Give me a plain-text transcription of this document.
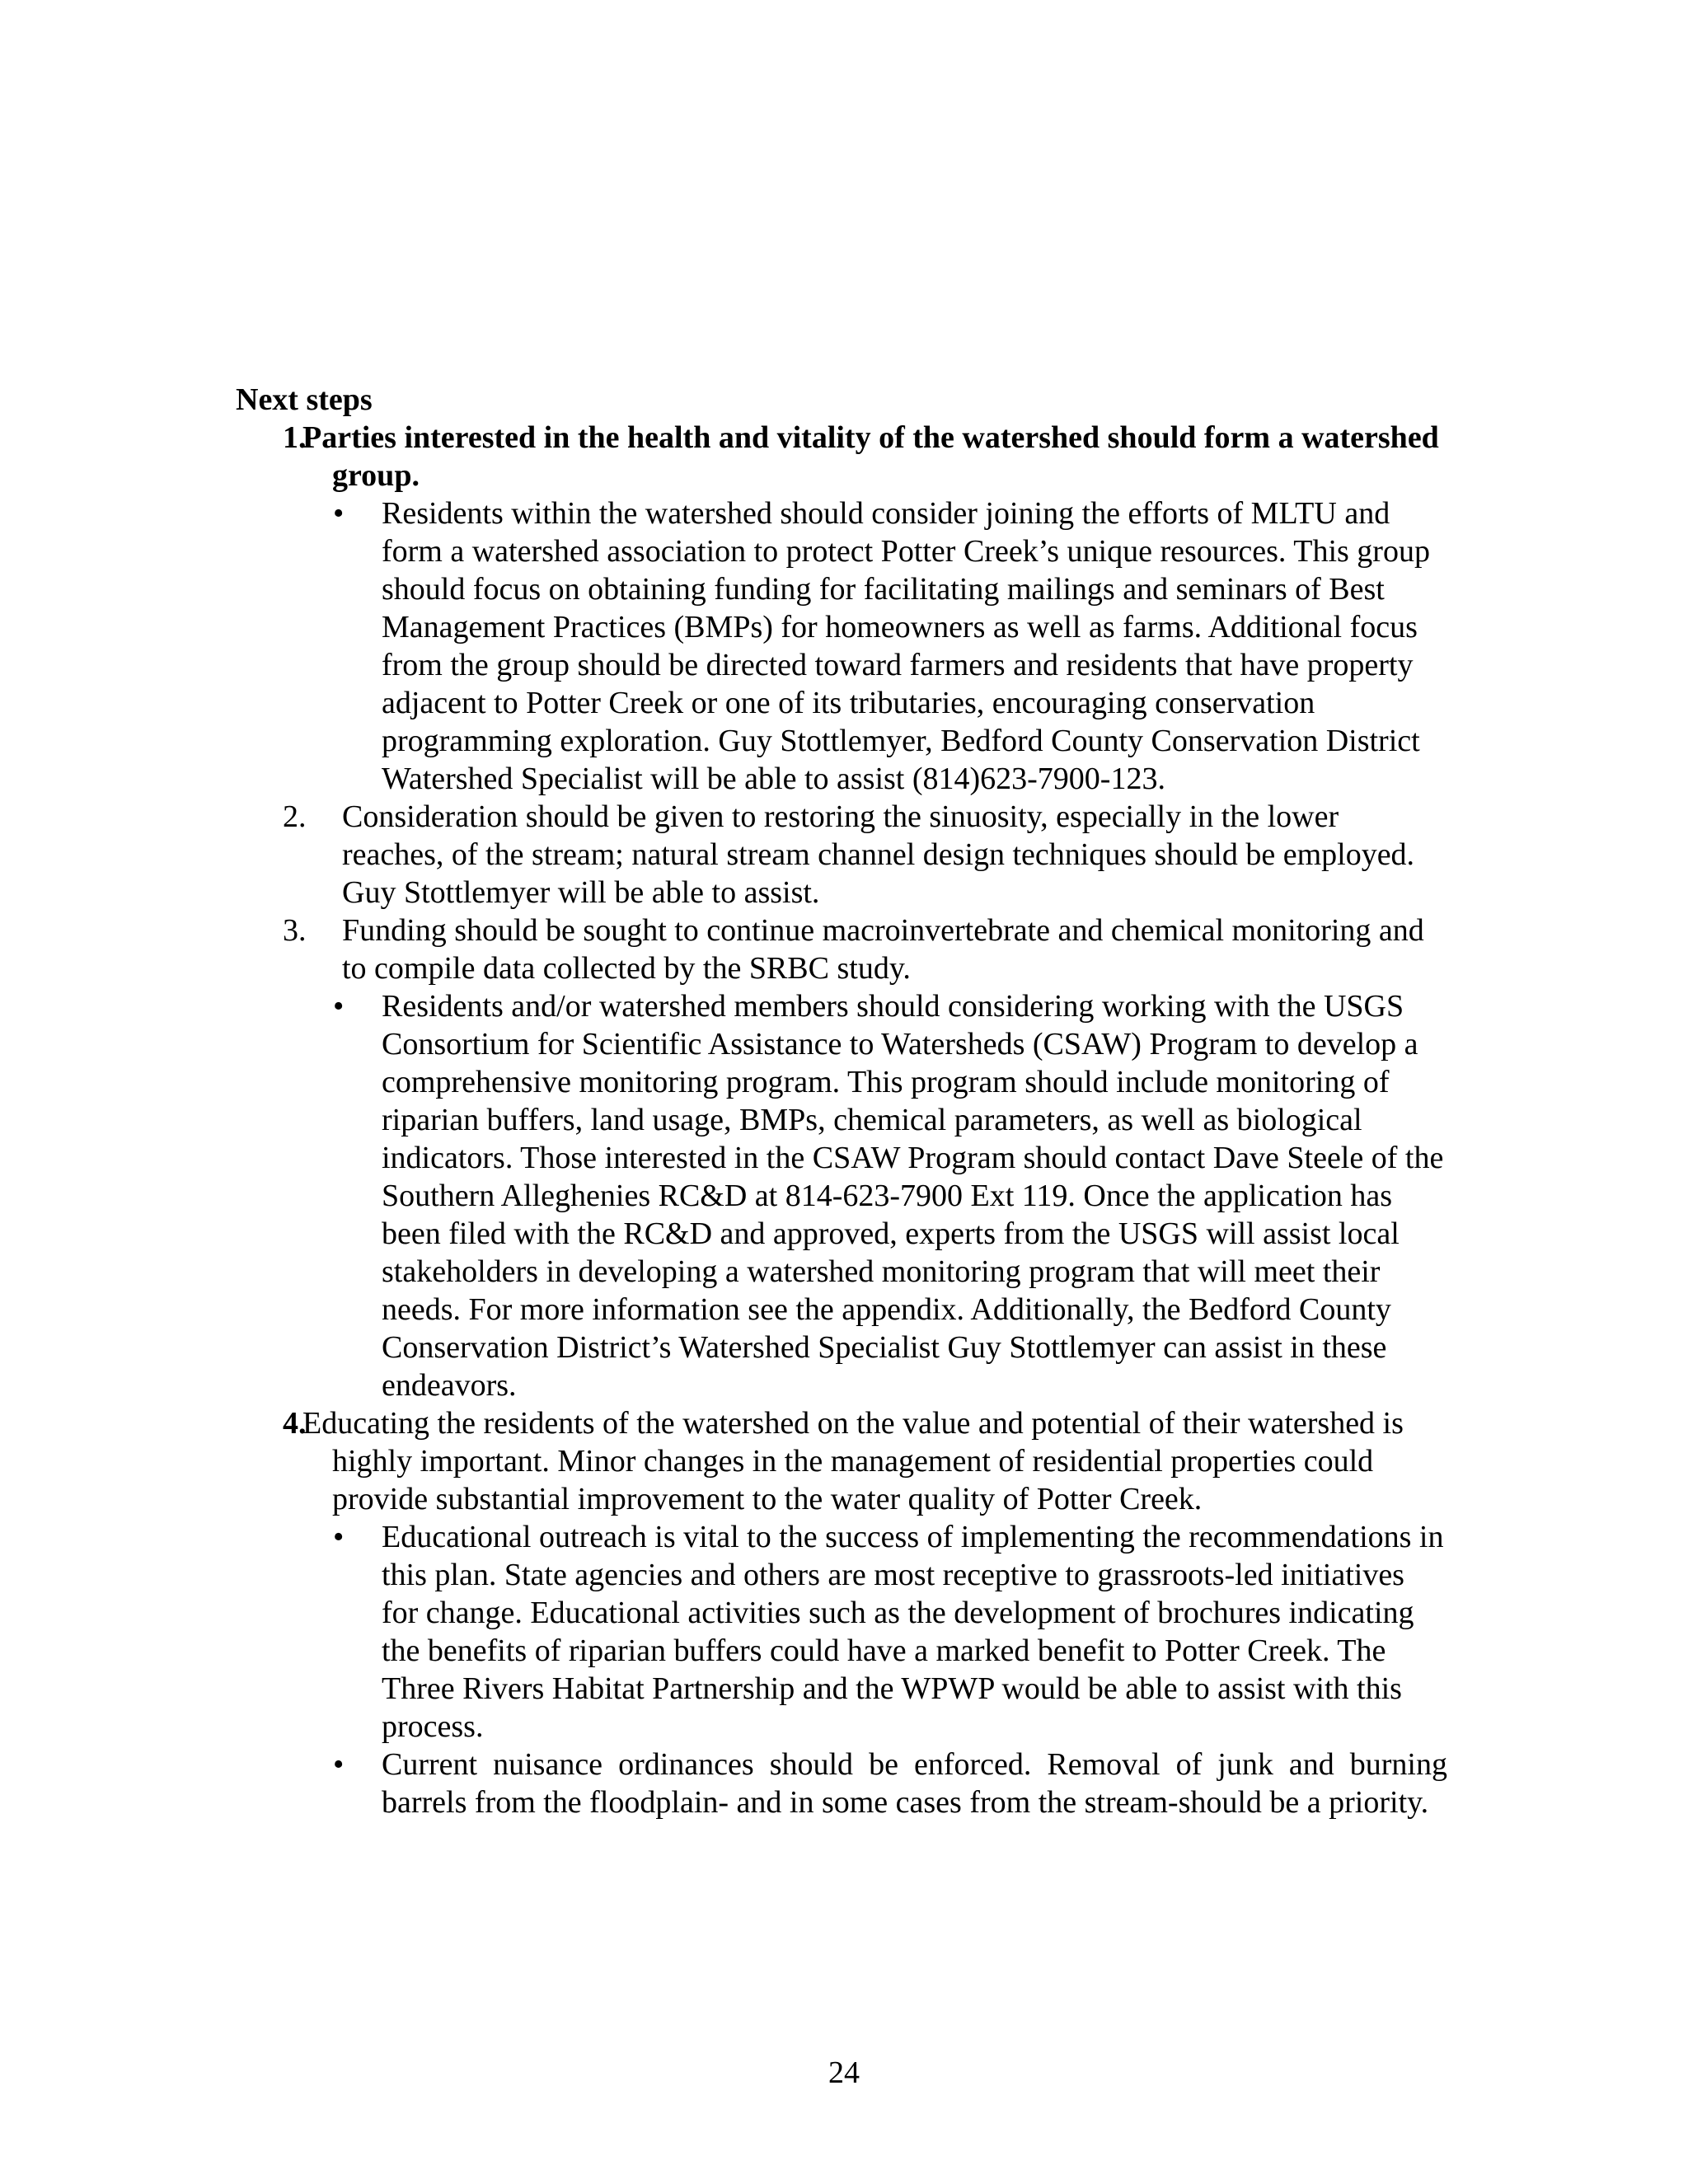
Next steps

1.
Parties interested in the health and vitality of the watershed should form a watershed group.
• Residents within the watershed should consider joining the efforts of MLTU and form a watershed association to protect Potter Creek’s unique resources. This group should focus on obtaining funding for facilitating mailings and seminars of Best Management Practices (BMPs) for homeowners as well as farms. Additional focus from the group should be directed toward farmers and residents that have property adjacent to Potter Creek or one of its tributaries, encouraging conservation programming exploration. Guy Stottlemyer, Bedford County Conservation District Watershed Specialist will be able to assist (814)623-7900-123.
2. Consideration should be given to restoring the sinuosity, especially in the lower reaches, of the stream; natural stream channel design techniques should be employed. Guy Stottlemyer will be able to assist.
3. Funding should be sought to continue macroinvertebrate and chemical monitoring and to compile data collected by the SRBC study.
• Residents and/or watershed members should considering working with the USGS Consortium for Scientific Assistance to Watersheds (CSAW) Program to develop a comprehensive monitoring program. This program should include monitoring of riparian buffers, land usage, BMPs, chemical parameters, as well as biological indicators. Those interested in the CSAW Program should contact Dave Steele of the Southern Alleghenies RC&D at 814-623-7900 Ext 119. Once the application has been filed with the RC&D and approved, experts from the USGS will assist local stakeholders in developing a watershed monitoring program that will meet their needs. For more information see the appendix. Additionally, the Bedford County Conservation District’s Watershed Specialist Guy Stottlemyer can assist in these endeavors.
4.
Educating the residents of the watershed on the value and potential of their watershed is highly important. Minor changes in the management of residential properties could provide substantial improvement to the water quality of Potter Creek.
• Educational outreach is vital to the success of implementing the recommendations in this plan. State agencies and others are most receptive to grassroots-led initiatives for change. Educational activities such as the development of brochures indicating the benefits of riparian buffers could have a marked benefit to Potter Creek. The Three Rivers Habitat Partnership and the WPWP would be able to assist with this process.
• Current nuisance ordinances should be enforced. Removal of junk and burning barrels from the floodplain- and in some cases from the stream-should be a priority.
24
